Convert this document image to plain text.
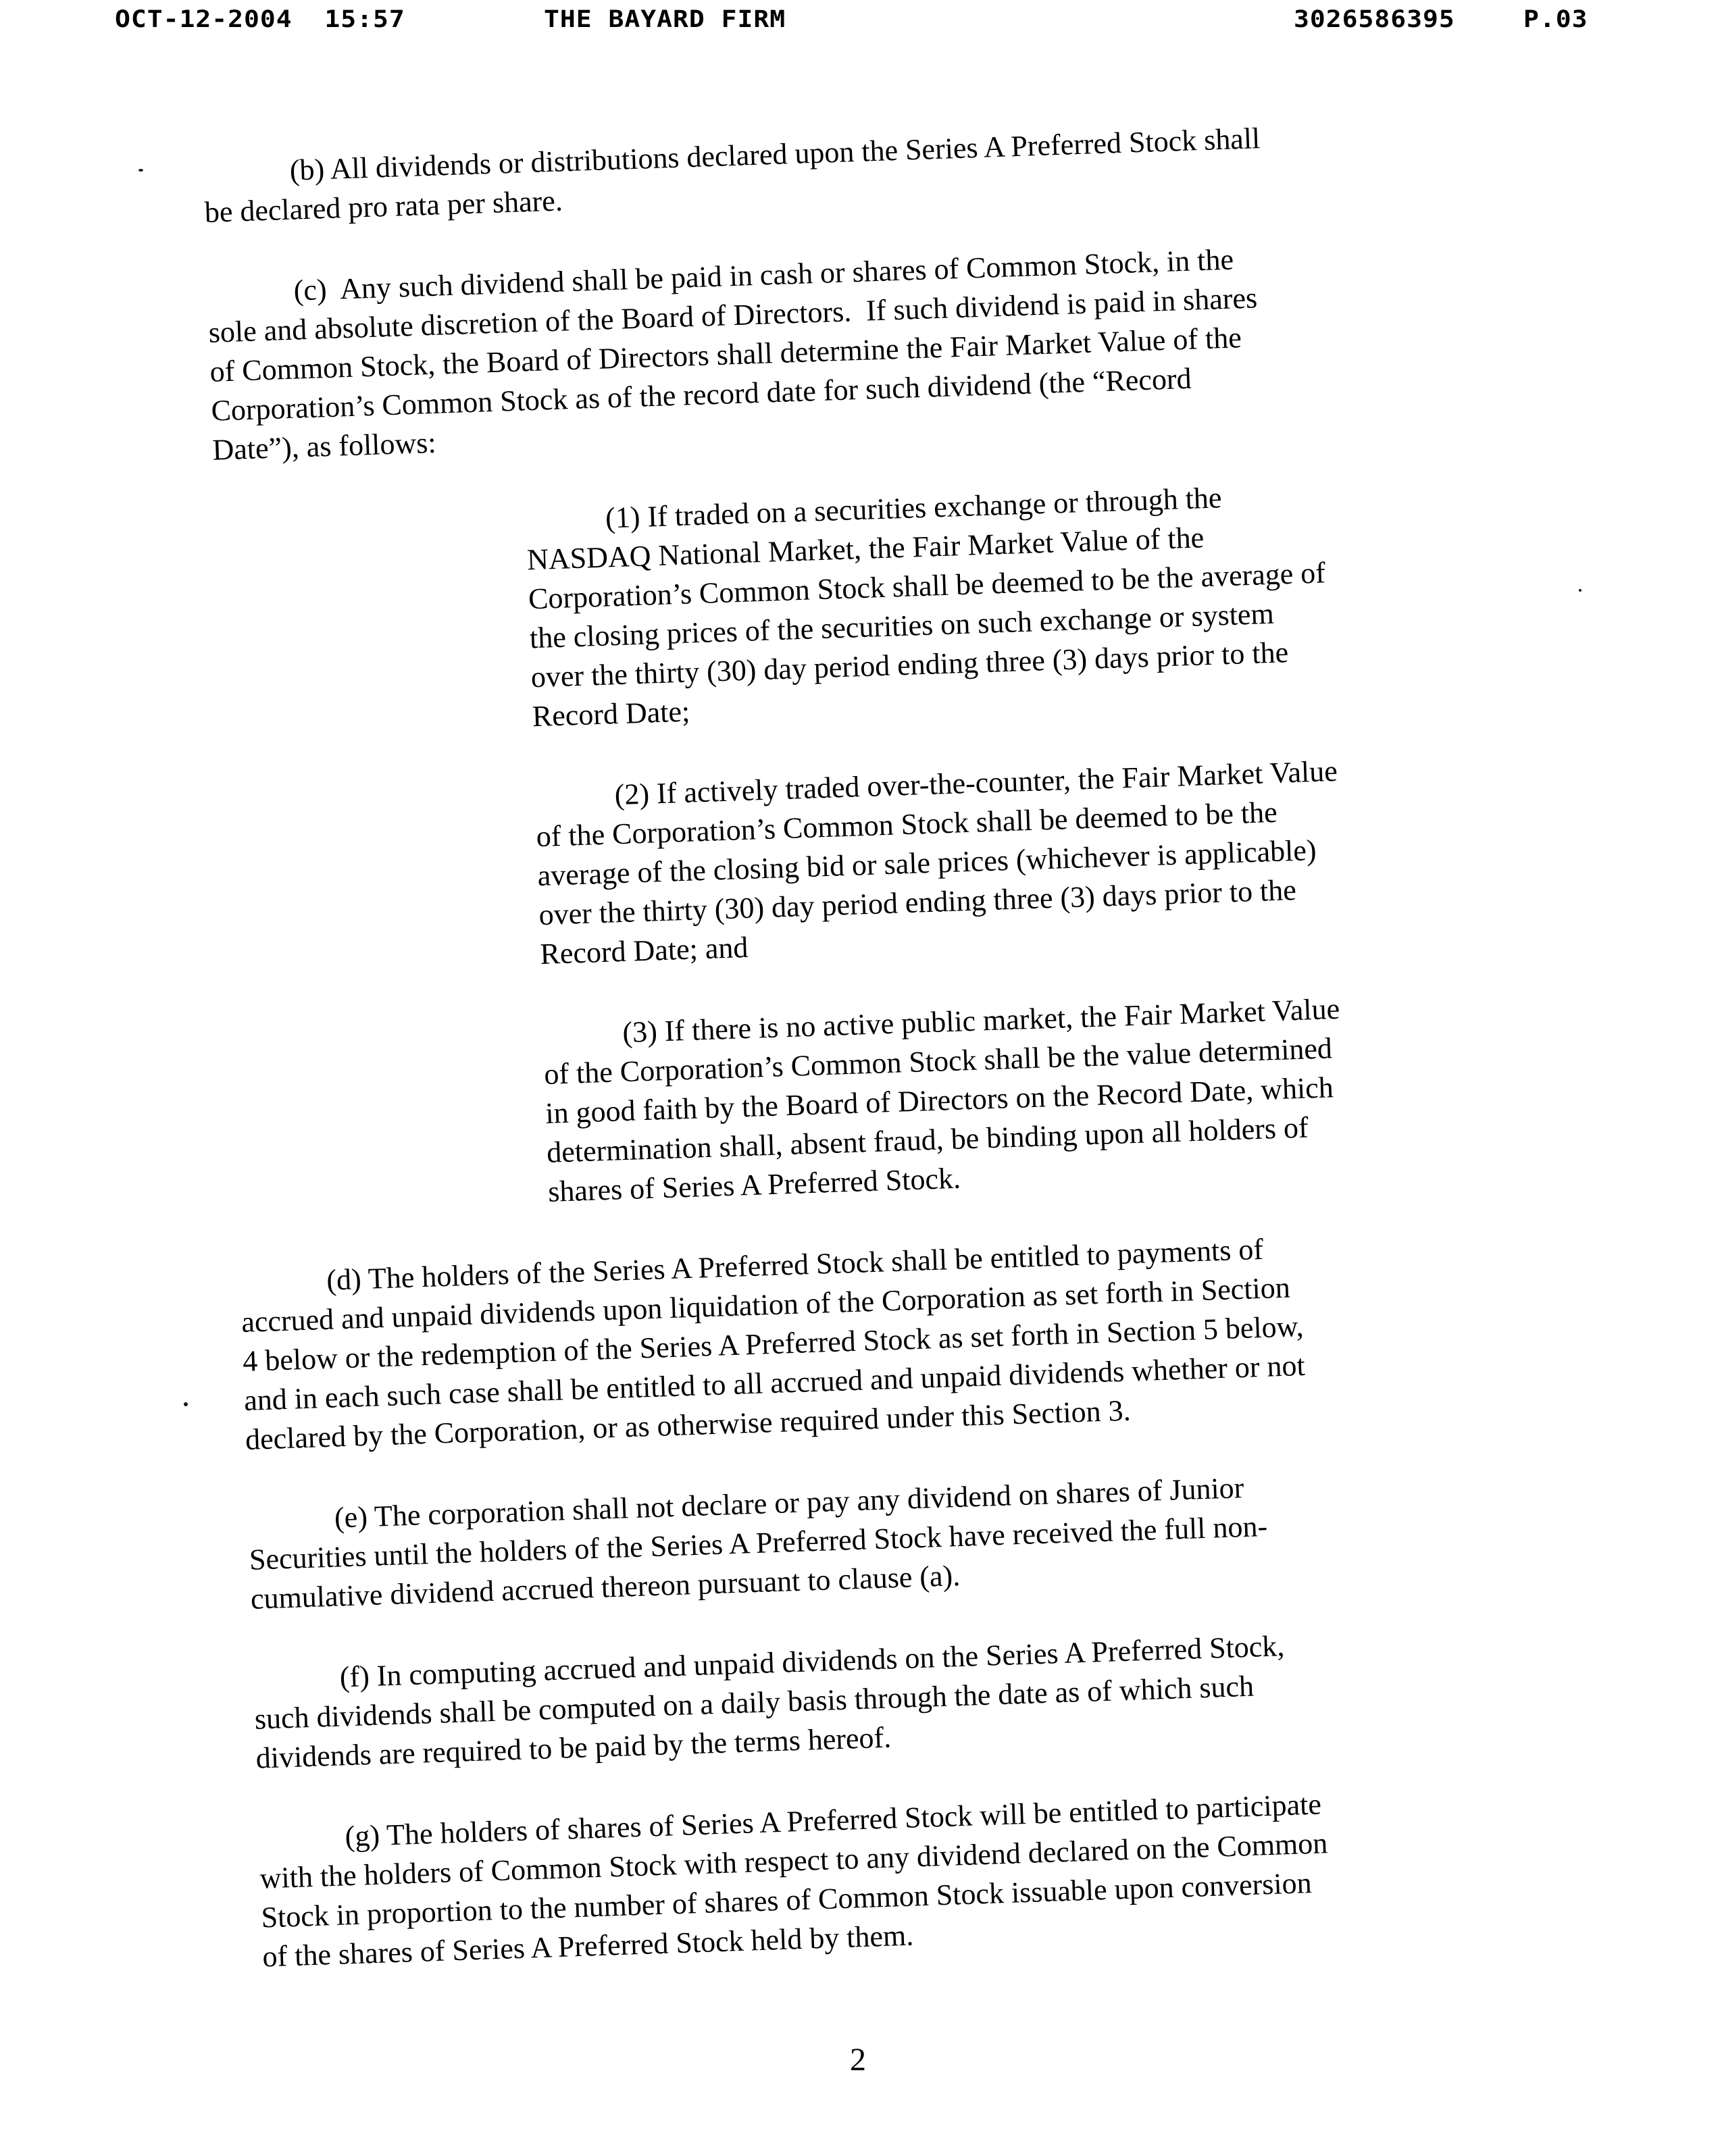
OCT-12-2004  15:57	THE BAYARD FIRM	3026586395	P.03
(b) All dividends or distributions declared upon the Series A Preferred Stock shall
be declared pro rata per share.
(c)  Any such dividend shall be paid in cash or shares of Common Stock, in the
sole and absolute discretion of the Board of Directors.  If such dividend is paid in shares
of Common Stock, the Board of Directors shall determine the Fair Market Value of the
Corporation’s Common Stock as of the record date for such dividend (the “Record
Date”), as follows:
(1) If traded on a securities exchange or through the
NASDAQ National Market, the Fair Market Value of the
Corporation’s Common Stock shall be deemed to be the average of
the closing prices of the securities on such exchange or system
over the thirty (30) day period ending three (3) days prior to the
Record Date;
(2) If actively traded over-the-counter, the Fair Market Value
of the Corporation’s Common Stock shall be deemed to be the
average of the closing bid or sale prices (whichever is applicable)
over the thirty (30) day period ending three (3) days prior to the
Record Date; and
(3) If there is no active public market, the Fair Market Value
of the Corporation’s Common Stock shall be the value determined
in good faith by the Board of Directors on the Record Date, which
determination shall, absent fraud, be binding upon all holders of
shares of Series A Preferred Stock.
(d) The holders of the Series A Preferred Stock shall be entitled to payments of
accrued and unpaid dividends upon liquidation of the Corporation as set forth in Section
4 below or the redemption of the Series A Preferred Stock as set forth in Section 5 below,
and in each such case shall be entitled to all accrued and unpaid dividends whether or not
declared by the Corporation, or as otherwise required under this Section 3.
(e) The corporation shall not declare or pay any dividend on shares of Junior
Securities until the holders of the Series A Preferred Stock have received the full non-
cumulative dividend accrued thereon pursuant to clause (a).
(f) In computing accrued and unpaid dividends on the Series A Preferred Stock,
such dividends shall be computed on a daily basis through the date as of which such
dividends are required to be paid by the terms hereof.
(g) The holders of shares of Series A Preferred Stock will be entitled to participate
with the holders of Common Stock with respect to any dividend declared on the Common
Stock in proportion to the number of shares of Common Stock issuable upon conversion
of the shares of Series A Preferred Stock held by them.
2
